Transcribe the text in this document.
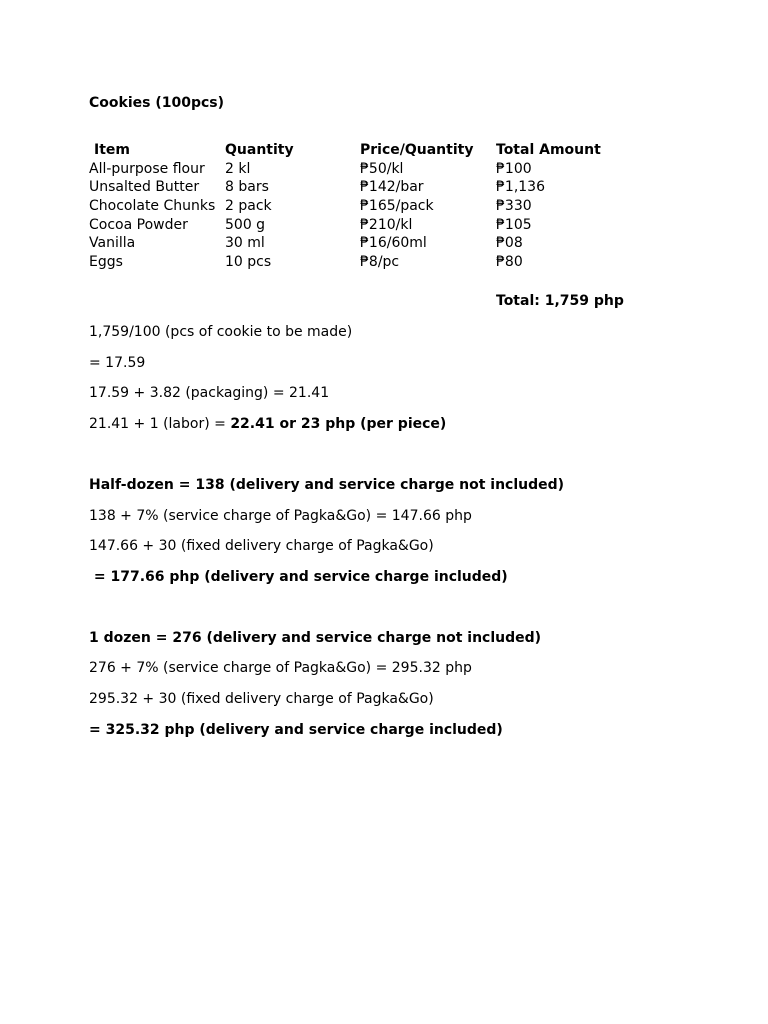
Cookies (100pcs)
Item	Quantity	Price/Quantity	Total Amount
All-purpose flour	2 kl	₱50/kl	₱100
Unsalted Butter	8 bars	₱142/bar	₱1,136
Chocolate Chunks	2 pack	₱165/pack	₱330
Cocoa Powder	500 g	₱210/kl	₱105
Vanilla	30 ml	₱16/60ml	₱08
Eggs	10 pcs	₱8/pc	₱80
Total: 1,759 php
1,759/100 (pcs of cookie to be made)
= 17.59
17.59 + 3.82 (packaging) = 21.41
21.41 + 1 (labor) = 22.41 or 23 php (per piece)
Half-dozen = 138 (delivery and service charge not included)
138 + 7% (service charge of Pagka&Go) = 147.66 php
147.66 + 30 (fixed delivery charge of Pagka&Go)
= 177.66 php (delivery and service charge included)
1 dozen = 276 (delivery and service charge not included)
276 + 7% (service charge of Pagka&Go) = 295.32 php
295.32 + 30 (fixed delivery charge of Pagka&Go)
= 325.32 php (delivery and service charge included)
